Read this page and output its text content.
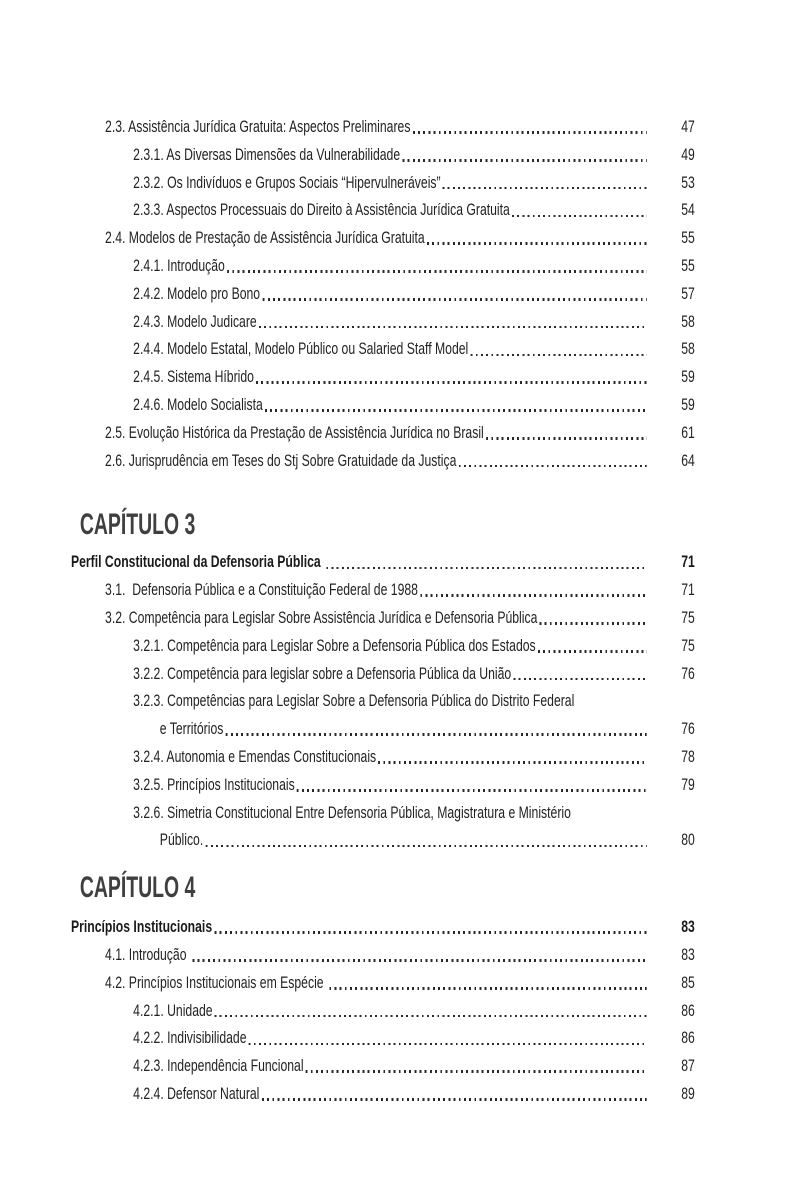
2.3. Assistência Jurídica Gratuita: Aspectos Preliminares	47
2.3.1. As Diversas Dimensões da Vulnerabilidade	49
2.3.2. Os Indivíduos e Grupos Sociais “Hipervulneráveis”	53
2.3.3. Aspectos Processuais do Direito à Assistência Jurídica Gratuita	54
2.4. Modelos de Prestação de Assistência Jurídica Gratuita	55
2.4.1. Introdução	55
2.4.2. Modelo pro Bono	57
2.4.3. Modelo Judicare	58
2.4.4. Modelo Estatal, Modelo Público ou Salaried Staff Model	58
2.4.5. Sistema Híbrido	59
2.4.6. Modelo Socialista	59
2.5. Evolução Histórica da Prestação de Assistência Jurídica no Brasil	61
2.6. Jurisprudência em Teses do Stj Sobre Gratuidade da Justiça	64
CAPÍTULO 3
Perfil Constitucional da Defensoria Pública	71
3.1.  Defensoria Pública e a Constituição Federal de 1988	71
3.2. Competência para Legislar Sobre Assistência Jurídica e Defensoria Pública	75
3.2.1. Competência para Legislar Sobre a Defensoria Pública dos Estados	75
3.2.2. Competência para legislar sobre a Defensoria Pública da União	76
3.2.3. Competências para Legislar Sobre a Defensoria Pública do Distrito Federal
e Territórios	76
3.2.4. Autonomia e Emendas Constitucionais	78
3.2.5. Princípios Institucionais	79
3.2.6. Simetria Constitucional Entre Defensoria Pública, Magistratura e Ministério
Público.	80
CAPÍTULO 4
Princípios Institucionais	83
4.1. Introdução	83
4.2. Princípios Institucionais em Espécie	85
4.2.1. Unidade	86
4.2.2. Indivisibilidade	86
4.2.3. Independência Funcional	87
4.2.4. Defensor Natural	89
